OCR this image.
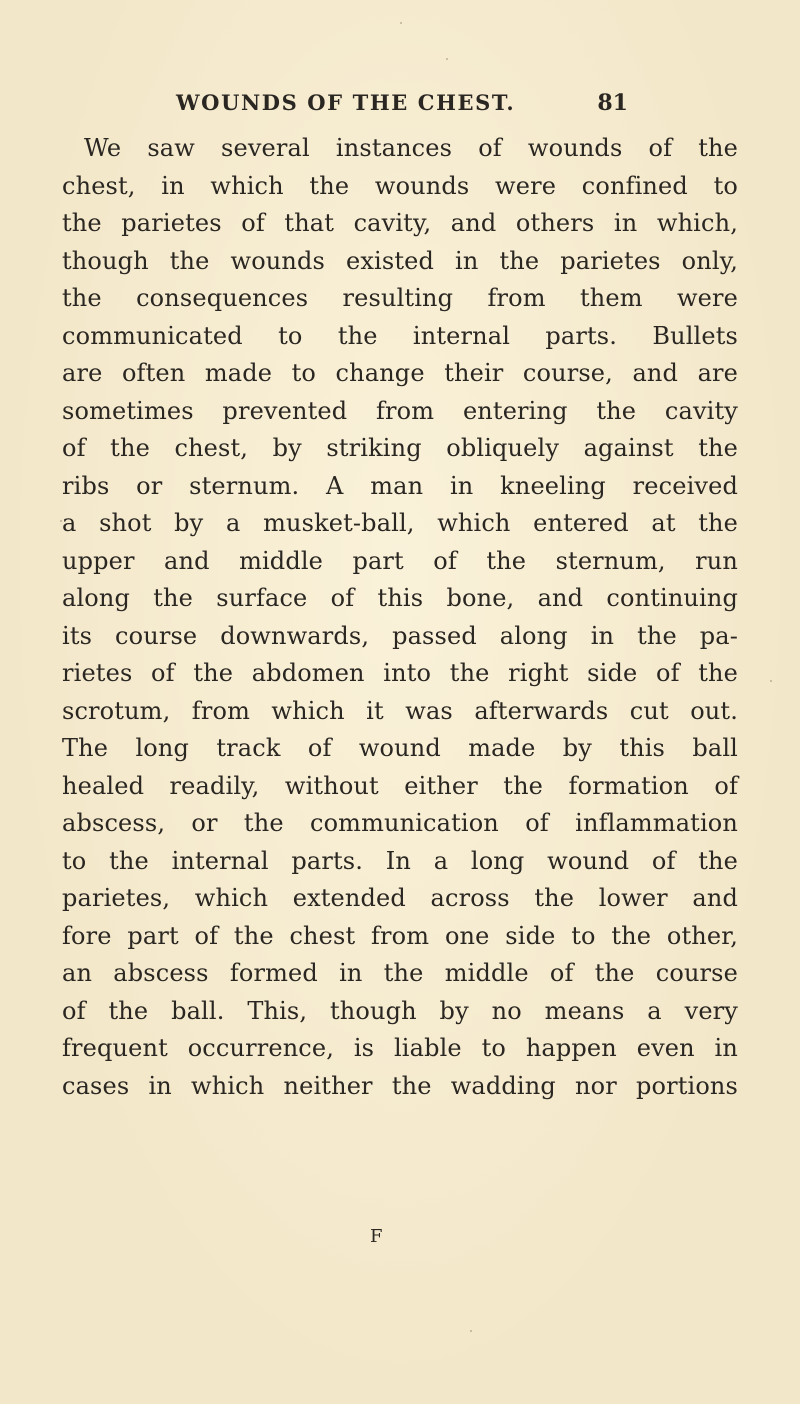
WOUNDS OF THE CHEST.	81
We saw several instances of wounds of the
chest, in which the wounds were confined to
the parietes of that cavity, and others in which,
though the wounds existed in the parietes only,
the consequences resulting from them were
communicated to the internal parts. Bullets
are often made to change their course, and are
sometimes prevented from entering the cavity
of the chest, by striking obliquely against the
ribs or sternum. A man in kneeling received
a shot by a musket-ball, which entered at the
upper and middle part of the sternum, run
along the surface of this bone, and continuing
its course downwards, passed along in the pa-
rietes of the abdomen into the right side of the
scrotum, from which it was afterwards cut out.
The long track of wound made by this ball
healed readily, without either the formation of
abscess, or the communication of inflammation
to the internal parts. In a long wound of the
parietes, which extended across the lower and
fore part of the chest from one side to the other,
an abscess formed in the middle of the course
of the ball. This, though by no means a very
frequent occurrence, is liable to happen even in
cases in which neither the wadding nor portions
F
